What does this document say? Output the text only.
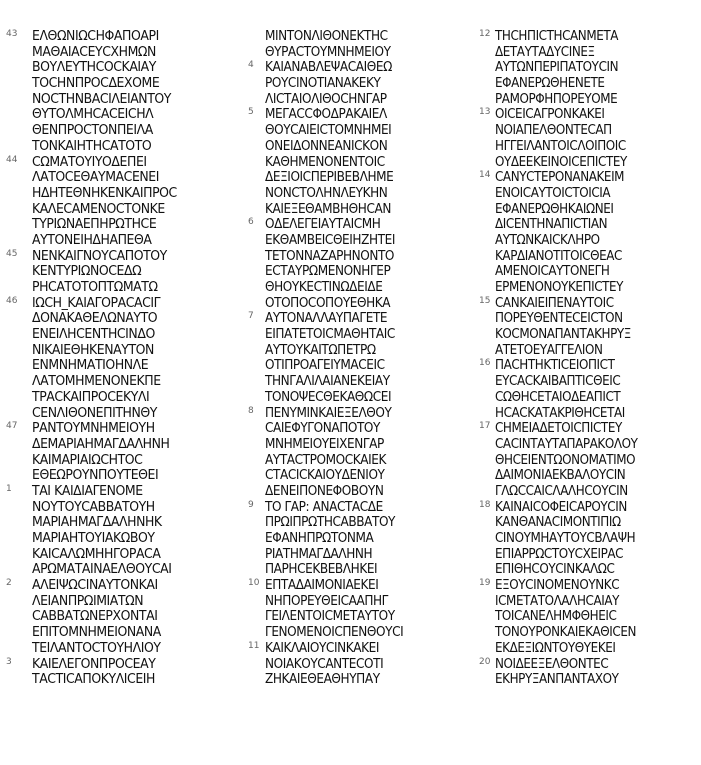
43 ΕΛΘΩΝΙΩϹΗΦΑΠΟΑΡΙ
ΜΑΘΑΙΑϹΕΥϹΧΗΜΩΝ
ΒΟΥΛΕΥΤΗϹΟϹΚΑΙΑΥ
ΤΟϹΗΝΠΡΟϹΔΕΧΟΜΕ
ΝΟϹΤΗΝΒΑϹΙΛΕΙΑΝΤΟΥ
ΘΥΤΟΛΜΗϹΑϹΕΙϹΗΛ
ΘΕΝΠΡΟϹΤΟΝΠΕΙΛΑ
ΤΟΝΚΑΙΗΤΗϹΑΤΟΤΟ
44 ϹΩΜΑΤΟΥΙΥΟΔΕΠΕΙ
ΛΑΤΟϹΕΘΑΥΜΑϹΕΝΕΙ
ΗΔΗΤΕΘΝΗΚΕΝΚΑΙΠΡΟϹ
ΚΑΛΕϹΑΜΕΝΟϹΤΟΝΚΕ
ΤΥΡΙΩΝΑΕΠΗΡΩΤΗϹΕ
ΑΥΤΟΝΕΙΗΔΗΑΠΕΘΑ
45 ΝΕΝΚΑΙΓΝΟΥϹΑΠΟΤΟΥ
ΚΕΝΤΥΡΙΩΝΟϹΕΔΩ
ΡΗϹΑΤΟΤΟΠΤΩΜΑΤΩ
46 ΙΩϹΗ_ΚΑΙΑΓΟΡΑϹΑϹΙΓ
ΔΟΝΑΚΑΘΕΛΩΝΑΥΤΟ
ΕΝΕΙΛΗϹΕΝΤΗϹΙΝΔΟ
ΝΙΚΑΙΕΘΗΚΕΝΑΥΤΟΝ
ΕΝΜΝΗΜΑΤΙΟΗΝΛΕ
ΛΑΤΟΜΗΜΕΝΟΝΕΚΠΕ
ΤΡΑϹΚΑΙΠΡΟϹΕΚΥΛΙ
ϹΕΝΛΙΘΟΝΕΠΙΤΗΝΘΥ
47 ΡΑΝΤΟΥΜΝΗΜΕΙΟΥΗ
ΔΕΜΑΡΙΑΗΜΑΓΔΑΛΗΝΗ
ΚΑΙΜΑΡΙΑΙΩϹΗΤΟϹ
ΕΘΕΩΡΟΥΝΠΟΥΤΕΘΕΙ
1 ΤΑΙ ΚΑΙΔΙΑΓΕΝΟΜΕ
ΝΟΥΤΟΥϹΑΒΒΑΤΟΥΗ
ΜΑΡΙΑΗΜΑΓΔΑΛΗΝΗΚ
ΜΑΡΙΑΗΤΟΥΙΑΚΩΒΟΥ
ΚΑΙϹΑΛΩΜΗΗΓΟΡΑϹΑ
ΑΡΩΜΑΤΑΙΝΑΕΛΘΟΥϹΑΙ
2 ΑΛΕΙΨΩϹΙΝΑΥΤΟΝΚΑΙ
ΛΕΙΑΝΠΡΩΙΜΙΑΤΩΝ
ϹΑΒΒΑΤΩΝΕΡΧΟΝΤΑΙ
ΕΠΙΤΟΜΝΗΜΕΙΟΝΑΝΑ
ΤΕΙΛΑΝΤΟϹΤΟΥΗΛΙΟΥ
3 ΚΑΙΕΛΕΓΟΝΠΡΟϹΕΑΥ
ΤΑϹΤΙϹΑΠΟΚΥΛΙϹΕΙΗ
ΜΙΝΤΟΝΛΙΘΟΝΕΚΤΗϹ
ΘΥΡΑϹΤΟΥΜΝΗΜΕΙΟΥ
4 ΚΑΙΑΝΑΒΛΕΨΑϹΑΙΘΕΩ
ΡΟΥϹΙΝΟΤΙΑΝΑΚΕΚΥ
ΛΙϹΤΑΙΟΛΙΘΟϹΗΝΓΑΡ
5 ΜΕΓΑϹϹΦΟΔΡΑΚΑΙΕΛ
ΘΟΥϹΑΙΕΙϹΤΟΜΝΗΜΕΙ
ΟΝΕΙΔΟΝΝΕΑΝΙϹΚΟΝ
ΚΑΘΗΜΕΝΟΝΕΝΤΟΙϹ
ΔΕΞΙΟΙϹΠΕΡΙΒΕΒΛΗΜΕ
ΝΟΝϹΤΟΛΗΝΛΕΥΚΗΝ
ΚΑΙΕΞΕΘΑΜΒΗΘΗϹΑΝ
6 ΟΔΕΛΕΓΕΙΑΥΤΑΙϹΜΗ
ΕΚΘΑΜΒΕΙϹΘΕΙΗΖΗΤΕΙ
ΤΕΤΟΝΝΑΖΑΡΗΝΟΝΤΟ
ΕϹΤΑΥΡΩΜΕΝΟΝΗΓΕΡ
ΘΗΟΥΚΕϹΤΙΝΩΔΕΙΔΕ
ΟΤΟΠΟϹΟΠΟΥΕΘΗΚΑ
7 ΑΥΤΟΝΑΛΛΑΥΠΑΓΕΤΕ
ΕΙΠΑΤΕΤΟΙϹΜΑΘΗΤΑΙϹ
ΑΥΤΟΥΚΑΙΤΩΠΕΤΡΩ
ΟΤΙΠΡΟΑΓΕΙΥΜΑϹΕΙϹ
ΤΗΝΓΑΛΙΛΑΙΑΝΕΚΕΙΑΥ
ΤΟΝΟΨΕϹΘΕΚΑΘΩϹΕΙ
8 ΠΕΝΥΜΙΝΚΑΙΕΞΕΛΘΟΥ
ϹΑΙΕΦΥΓΟΝΑΠΟΤΟΥ
ΜΝΗΜΕΙΟΥΕΙΧΕΝΓΑΡ
ΑΥΤΑϹΤΡΟΜΟϹΚΑΙΕΚ
ϹΤΑϹΙϹΚΑΙΟΥΔΕΝΙΟΥ
ΔΕΝΕΙΠΟΝΕΦΟΒΟΥΝ
9 ΤΟ ΓΑΡ: ΑΝΑϹΤΑϹΔΕ
ΠΡΩΙΠΡΩΤΗϹΑΒΒΑΤΟΥ
ΕΦΑΝΗΠΡΩΤΟΝΜΑ
ΡΙΑΤΗΜΑΓΔΑΛΗΝΗ
ΠΑΡΗϹΕΚΒΕΒΛΗΚΕΙ
10 ΕΠΤΑΔΑΙΜΟΝΙΑΕΚΕΙ
ΝΗΠΟΡΕΥΘΕΙϹΑΑΠΗΓ
ΓΕΙΛΕΝΤΟΙϹΜΕΤΑΥΤΟΥ
ΓΕΝΟΜΕΝΟΙϹΠΕΝΘΟΥϹΙ
11 ΚΑΙΚΛΑΙΟΥϹΙΝΚΑΚΕΙ
ΝΟΙΑΚΟΥϹΑΝΤΕϹΟΤΙ
ΖΗΚΑΙΕΘΕΑΘΗΥΠΑΥ
12 ΤΗϹΗΠΙϹΤΗϹΑΝΜΕΤΑ
ΔΕΤΑΥΤΑΔΥϹΙΝΕΞ
ΑΥΤΩΝΠΕΡΙΠΑΤΟΥϹΙΝ
ΕΦΑΝΕΡΩΘΗΕΝΕΤΕ
ΡΑΜΟΡΦΗΠΟΡΕΥΟΜΕ
13 ΟΙϹΕΙϹΑΓΡΟΝΚΑΚΕΙ
ΝΟΙΑΠΕΛΘΟΝΤΕϹΑΠ
ΗΓΓΕΙΛΑΝΤΟΙϹΛΟΙΠΟΙϹ
ΟΥΔΕΕΚΕΙΝΟΙϹΕΠΙϹΤΕΥ
14 ϹΑΝΥϹΤΕΡΟΝΑΝΑΚΕΙΜ
ΕΝΟΙϹΑΥΤΟΙϹΤΟΙϹΙΑ
ΕΦΑΝΕΡΩΘΗΚΑΙΩΝΕΙ
ΔΙϹΕΝΤΗΝΑΠΙϹΤΙΑΝ
ΑΥΤΩΝΚΑΙϹΚΛΗΡΟ
ΚΑΡΔΙΑΝΟΤΙΤΟΙϹΘΕΑϹ
ΑΜΕΝΟΙϹΑΥΤΟΝΕΓΗ
ΕΡΜΕΝΟΝΟΥΚΕΠΙϹΤΕΥ
15 ϹΑΝΚΑΙΕΙΠΕΝΑΥΤΟΙϹ
ΠΟΡΕΥΘΕΝΤΕϹΕΙϹΤΟΝ
ΚΟϹΜΟΝΑΠΑΝΤΑΚΗΡΥΞ
ΑΤΕΤΟΕΥΑΓΓΕΛΙΟΝ
16 ΠΑϹΗΤΗΚΤΙϹΕΙΟΠΙϹΤ
ΕΥϹΑϹΚΑΙΒΑΠΤΙϹΘΕΙϹ
ϹΩΘΗϹΕΤΑΙΟΔΕΑΠΙϹΤ
ΗϹΑϹΚΑΤΑΚΡΙΘΗϹΕΤΑΙ
17 ϹΗΜΕΙΑΔΕΤΟΙϹΠΙϹΤΕΥ
ϹΑϹΙΝΤΑΥΤΑΠΑΡΑΚΟΛΟΥ
ΘΗϹΕΙΕΝΤΩΟΝΟΜΑΤΙΜΟ
ΔΑΙΜΟΝΙΑΕΚΒΑΛΟΥϹΙΝ
ΓΛΩϹϹΑΙϹΛΑΛΗϹΟΥϹΙΝ
18 ΚΑΙΝΑΙϹΟΦΕΙϹΑΡΟΥϹΙΝ
ΚΑΝΘΑΝΑϹΙΜΟΝΤΙΠΙΩ
ϹΙΝΟΥΜΗΑΥΤΟΥϹΒΛΑΨΗ
ΕΠΙΑΡΡΩϹΤΟΥϹΧΕΙΡΑϹ
ΕΠΙΘΗϹΟΥϹΙΝΚΑΛΩϹ
19 ΕΞΟΥϹΙΝΟΜΕΝΟΥΝΚϹ
ΙϹΜΕΤΑΤΟΛΑΛΗϹΑΙΑΥ
ΤΟΙϹΑΝΕΛΗΜΦΘΗΕΙϹ
ΤΟΝΟΥΡΟΝΚΑΙΕΚΑΘΙϹΕΝ
ΕΚΔΕΞΙΩΝΤΟΥΘΥΕΚΕΙ
20 ΝΟΙΔΕΕΞΕΛΘΟΝΤΕϹ
ΕΚΗΡΥΞΑΝΠΑΝΤΑΧΟΥ
